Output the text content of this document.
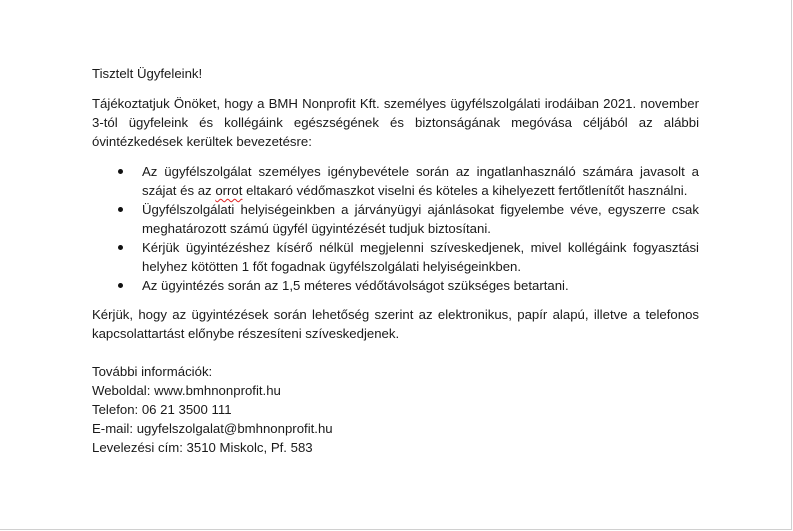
Tisztelt Ügyfeleink!

Tájékoztatjuk Önöket, hogy a BMH Nonprofit Kft. személyes ügyfélszolgálati irodáiban 2021. november 3-tól ügyfeleink és kollégáink egészségének és biztonságának megóvása céljából az alábbi óvintézkedések kerültek bevezetésre:

Az ügyfélszolgálat személyes igénybevétele során az ingatlanhasználó számára javasolt a szájat és az orrot eltakaró védőmaszkot viselni és köteles a kihelyezett fertőtlenítőt használni.
Ügyfélszolgálati helyiségeinkben a járványügyi ajánlásokat figyelembe véve, egyszerre csak meghatározott számú ügyfél ügyintézését tudjuk biztosítani.
Kérjük ügyintézéshez kísérő nélkül megjelenni szíveskedjenek, mivel kollégáink fogyasztási helyhez kötötten 1 főt fogadnak ügyfélszolgálati helyiségeinkben.
Az ügyintézés során az 1,5 méteres védőtávolságot szükséges betartani.

Kérjük, hogy az ügyintézések során lehetőség szerint az elektronikus, papír alapú, illetve a telefonos kapcsolattartást előnybe részesíteni szíveskedjenek.

További információk:

Weboldal: www.bmhnonprofit.hu

Telefon: 06 21 3500 111

E-mail: ugyfelszolgalat@bmhnonprofit.hu

Levelezési cím: 3510 Miskolc, Pf. 583
